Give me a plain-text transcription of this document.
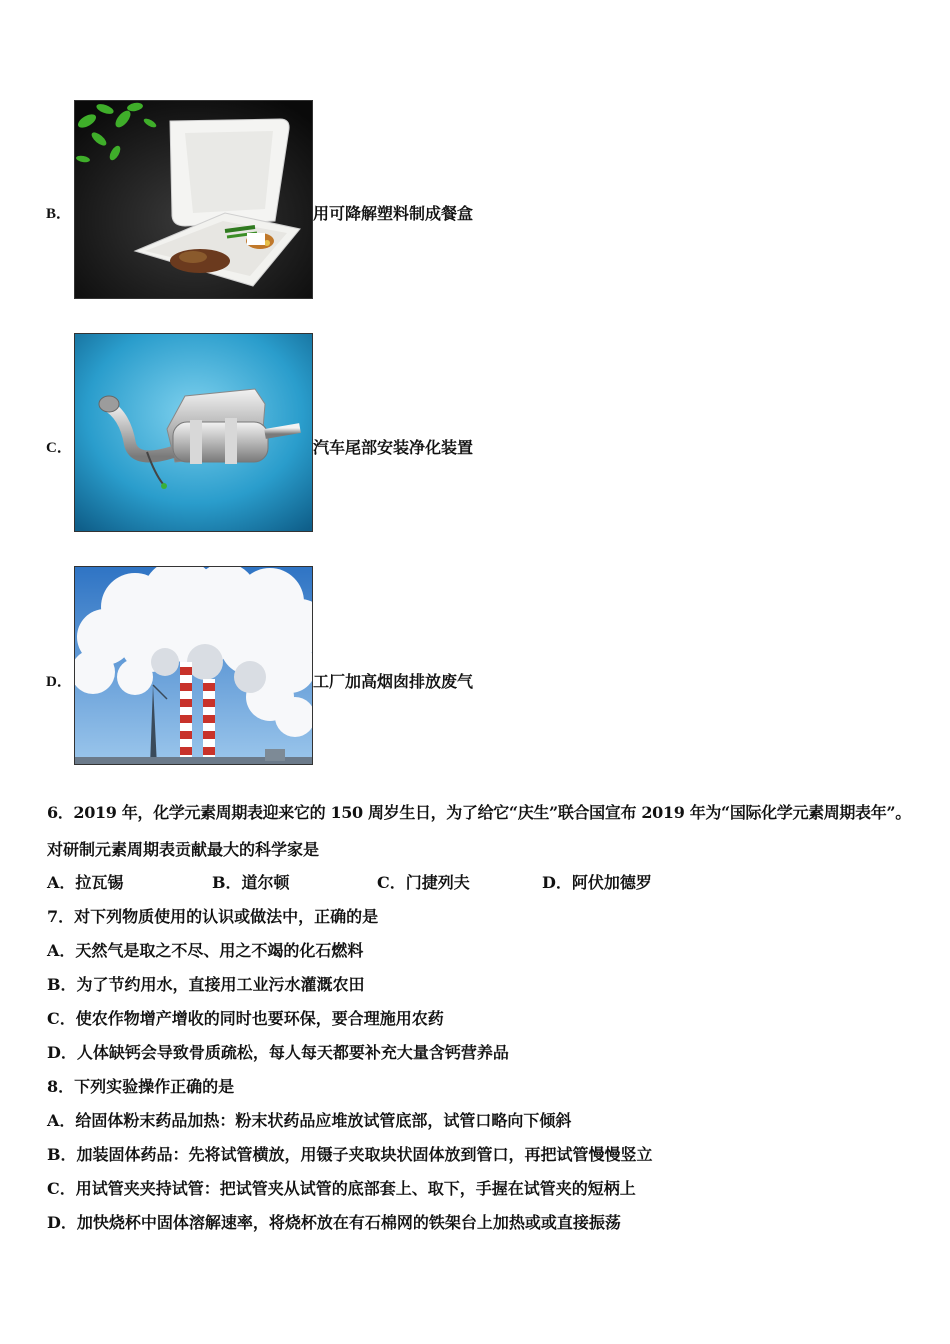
B．	用可降解塑料制成餐盒
C．	汽车尾部安装净化装置
D．	工厂加高烟囱排放废气
6．2019 年，化学元素周期表迎来它的 150 周岁生日，为了给它“庆生”联合国宣布 2019 年为“国际化学元素周期表年”。
对研制元素周期表贡献最大的科学家是
A．拉瓦锡	B．道尔顿	C．门捷列夫	D．阿伏加德罗
7．对下列物质使用的认识或做法中，正确的是
A．天然气是取之不尽、用之不竭的化石燃料
B．为了节约用水，直接用工业污水灌溉农田
C．使农作物增产增收的同时也要环保，要合理施用农药
D．人体缺钙会导致骨质疏松，每人每天都要补充大量含钙营养品
8．下列实验操作正确的是
A．给固体粉末药品加热：粉末状药品应堆放试管底部，试管口略向下倾斜
B．加装固体药品：先将试管横放，用镊子夹取块状固体放到管口，再把试管慢慢竖立
C．用试管夹夹持试管：把试管夹从试管的底部套上、取下，手握在试管夹的短柄上
D．加快烧杯中固体溶解速率，将烧杯放在有石棉网的铁架台上加热或或直接振荡
